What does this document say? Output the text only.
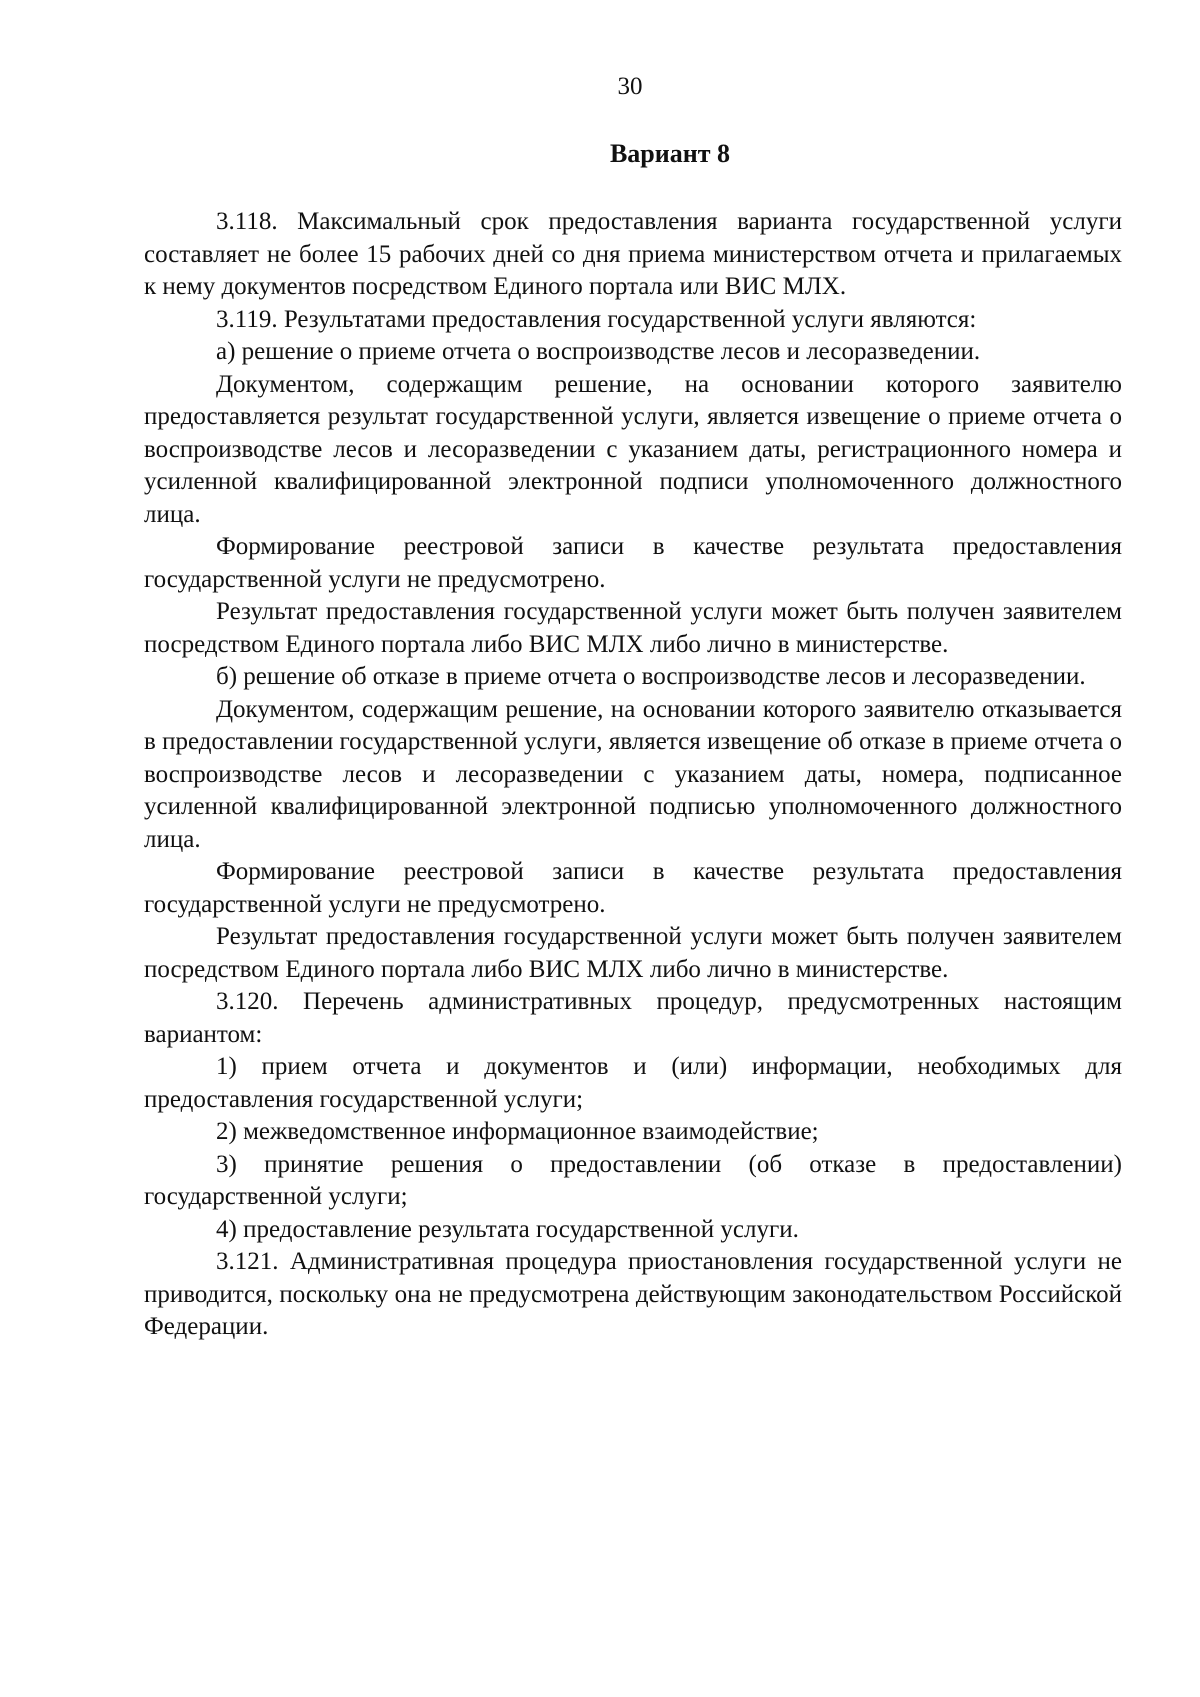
30
Вариант 8

3.118. Максимальный срок предоставления варианта государственной услуги составляет не более 15 рабочих дней со дня приема министерством отчета и прилагаемых к нему документов посредством Единого портала или ВИС МЛХ.

3.119. Результатами предоставления государственной услуги являются:

а) решение о приеме отчета о воспроизводстве лесов и лесоразведении.

Документом, содержащим решение, на основании которого заявителю предоставляется результат государственной услуги, является извещение о приеме отчета о воспроизводстве лесов и лесоразведении с указанием даты, регистрационного номера и усиленной квалифицированной электронной подписи уполномоченного должностного лица.

Формирование реестровой записи в качестве результата предоставления государственной услуги не предусмотрено.

Результат предоставления государственной услуги может быть получен заявителем посредством Единого портала либо ВИС МЛХ либо лично в министерстве.

б) решение об отказе в приеме отчета о воспроизводстве лесов и лесоразведении.

Документом, содержащим решение, на основании которого заявителю отказывается в предоставлении государственной услуги, является извещение об отказе в приеме отчета о воспроизводстве лесов и лесоразведении с указанием даты, номера, подписанное усиленной квалифицированной электронной подписью уполномоченного должностного лица.

Формирование реестровой записи в качестве результата предоставления государственной услуги не предусмотрено.

Результат предоставления государственной услуги может быть получен заявителем посредством Единого портала либо ВИС МЛХ либо лично в министерстве.

3.120. Перечень административных процедур, предусмотренных настоящим вариантом:

1) прием отчета и документов и (или) информации, необходимых для предоставления государственной услуги;

2) межведомственное информационное взаимодействие;

3) принятие решения о предоставлении (об отказе в предоставлении) государственной услуги;

4) предоставление результата государственной услуги.

3.121. Административная процедура приостановления государственной услуги не приводится, поскольку она не предусмотрена действующим законодательством Российской Федерации.
